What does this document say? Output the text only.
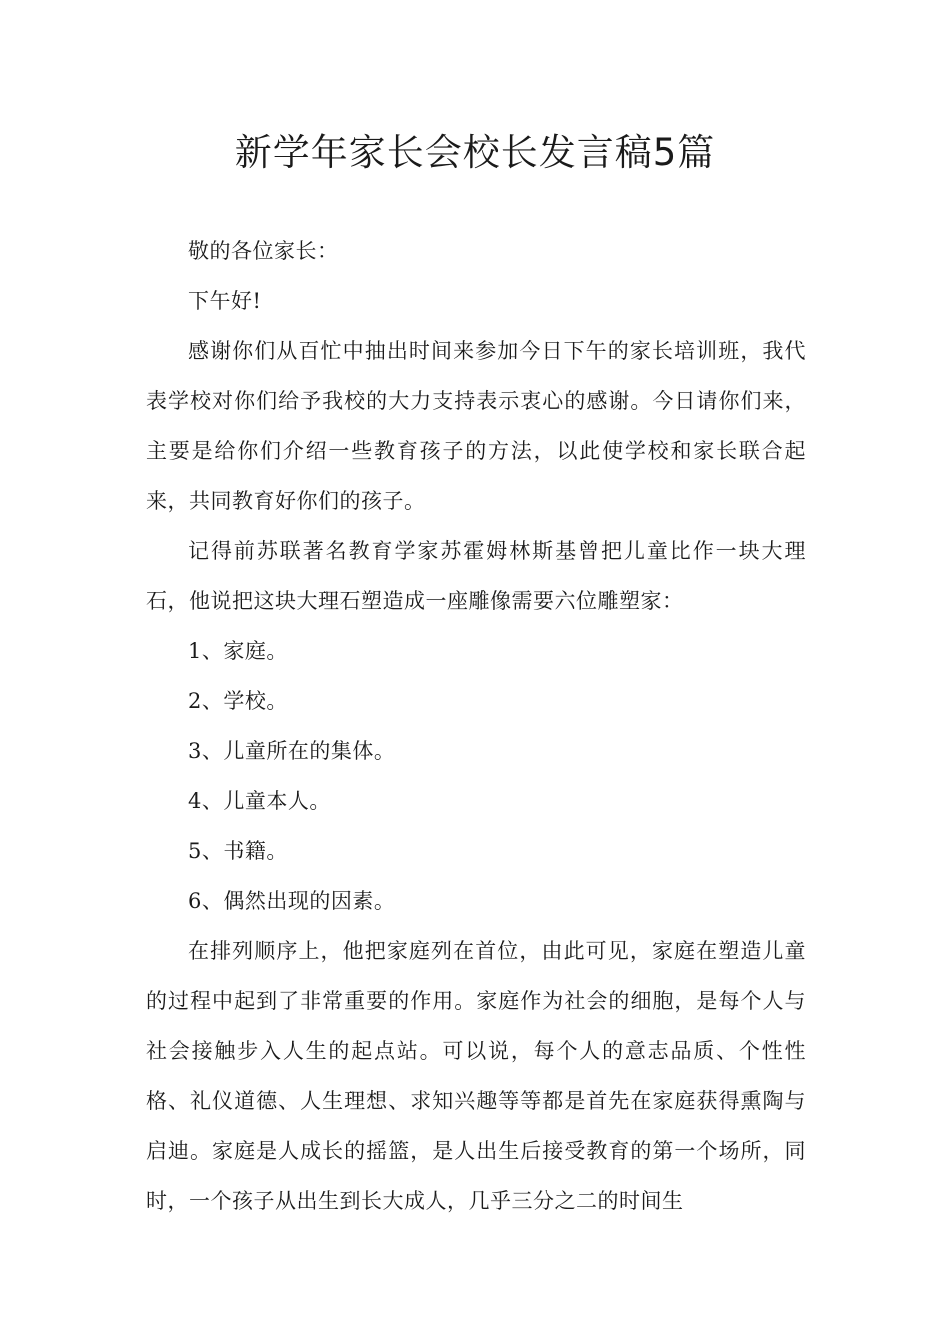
新学年家长会校长发言稿5篇

敬的各位家长：

下午好!

感谢你们从百忙中抽出时间来参加今日下午的家长培训班，我代表学校对你们给予我校的大力支持表示衷心的感谢。今日请你们来，主要是给你们介绍一些教育孩子的方法，以此使学校和家长联合起来，共同教育好你们的孩子。

记得前苏联著名教育学家苏霍姆林斯基曾把儿童比作一块大理石，他说把这块大理石塑造成一座雕像需要六位雕塑家：

1、家庭。

2、学校。

3、儿童所在的集体。

4、儿童本人。

5、书籍。

6、偶然出现的因素。

在排列顺序上，他把家庭列在首位，由此可见，家庭在塑造儿童的过程中起到了非常重要的作用。家庭作为社会的细胞，是每个人与社会接触步入人生的起点站。可以说，每个人的意志品质、个性性格、礼仪道德、人生理想、求知兴趣等等都是首先在家庭获得熏陶与启迪。家庭是人成长的摇篮，是人出生后接受教育的第一个场所，同时，一个孩子从出生到长大成人，几乎三分之二的时间生
